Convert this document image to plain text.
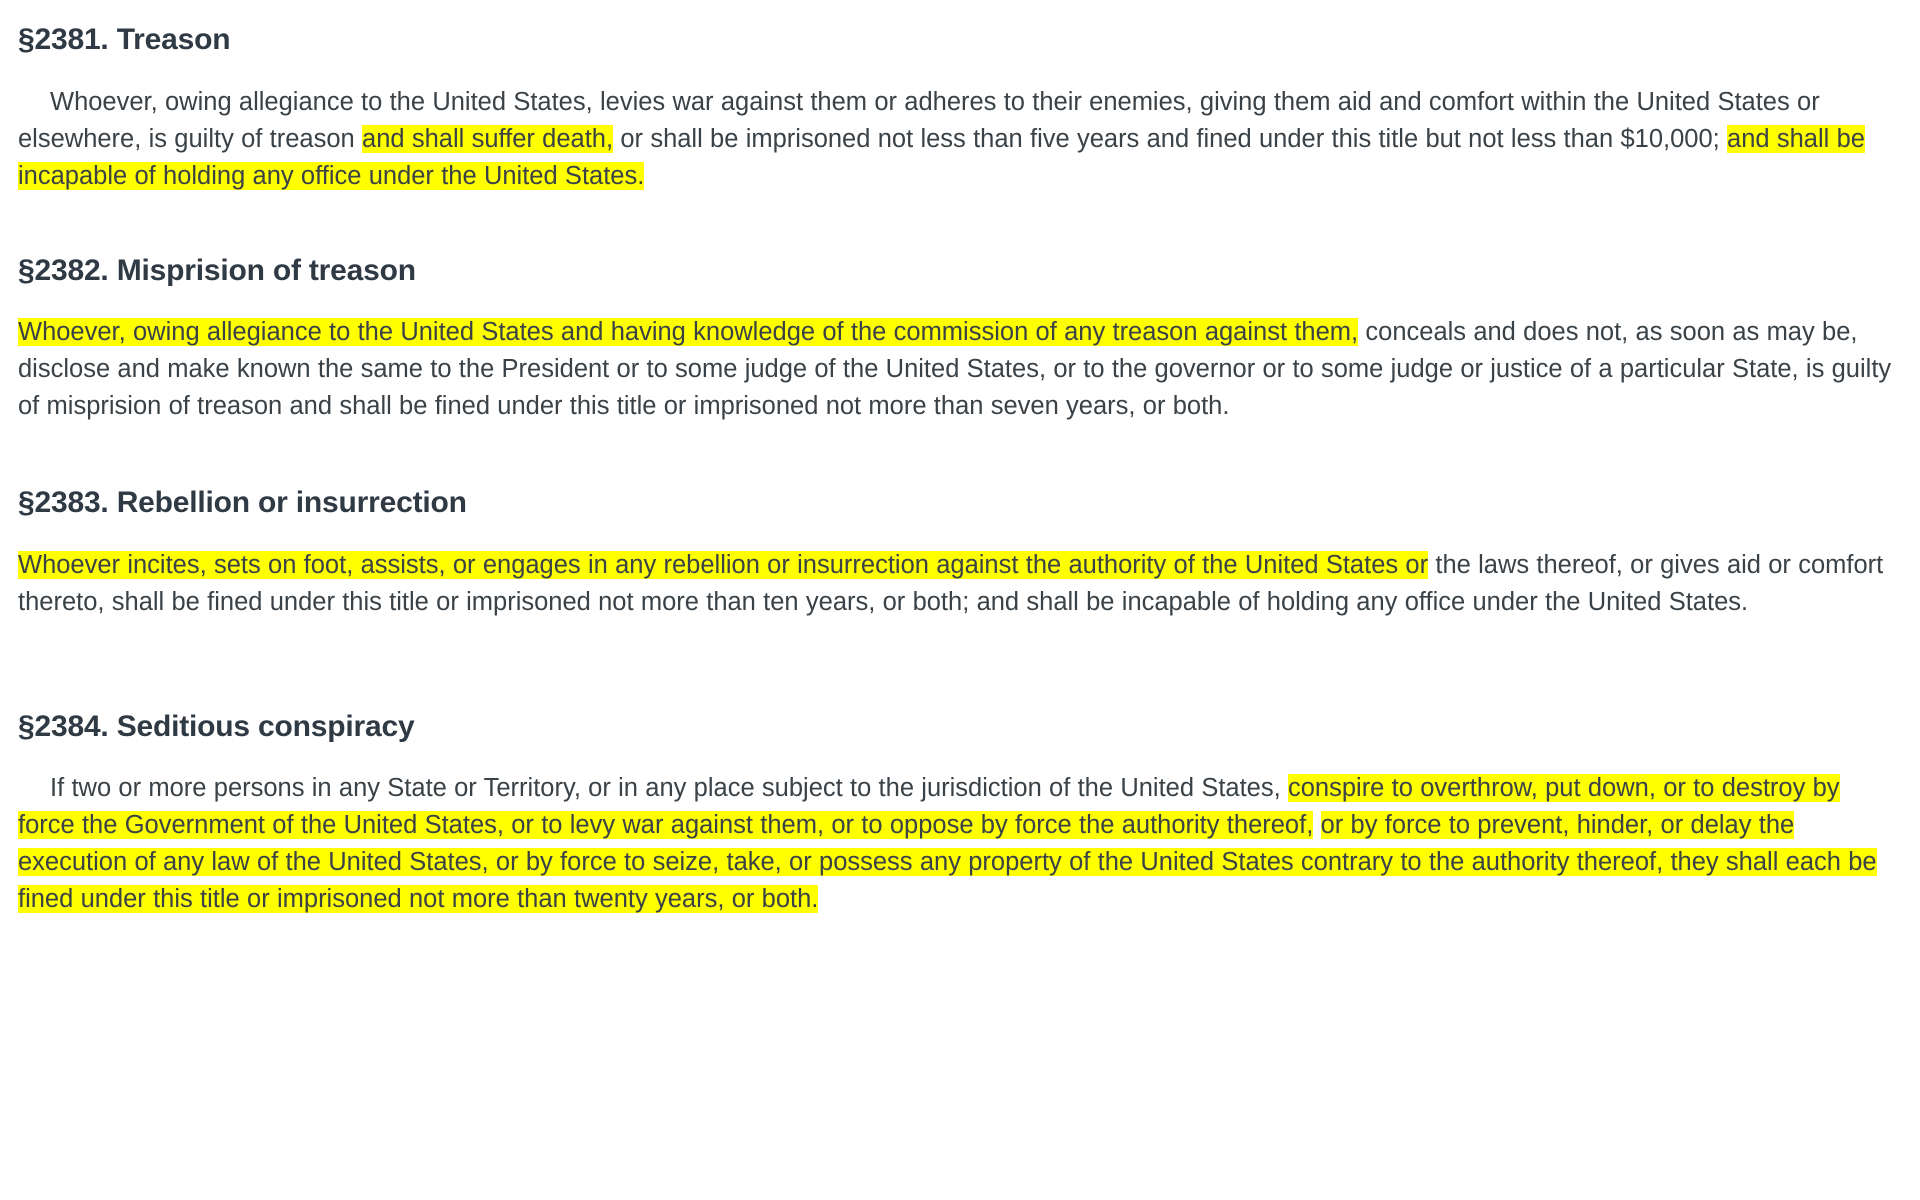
§2381. Treason

Whoever, owing allegiance to the United States, levies war against them or adheres to their enemies, giving them aid and comfort within the United States or elsewhere, is guilty of treason and shall suffer death, or shall be imprisoned not less than five years and fined under this title but not less than $10,000; and shall be incapable of holding any office under the United States.

§2382. Misprision of treason

Whoever, owing allegiance to the United States and having knowledge of the commission of any treason against them, conceals and does not, as soon as may be, disclose and make known the same to the President or to some judge of the United States, or to the governor or to some judge or justice of a particular State, is guilty of misprision of treason and shall be fined under this title or imprisoned not more than seven years, or both.

§2383. Rebellion or insurrection

Whoever incites, sets on foot, assists, or engages in any rebellion or insurrection against the authority of the United States or the laws thereof, or gives aid or comfort thereto, shall be fined under this title or imprisoned not more than ten years, or both; and shall be incapable of holding any office under the United States.

§2384. Seditious conspiracy

If two or more persons in any State or Territory, or in any place subject to the jurisdiction of the United States, conspire to overthrow, put down, or to destroy by force the Government of the United States, or to levy war against them, or to oppose by force the authority thereof, or by force to prevent, hinder, or delay the execution of any law of the United States, or by force to seize, take, or possess any property of the United States contrary to the authority thereof, they shall each be fined under this title or imprisoned not more than twenty years, or both.
